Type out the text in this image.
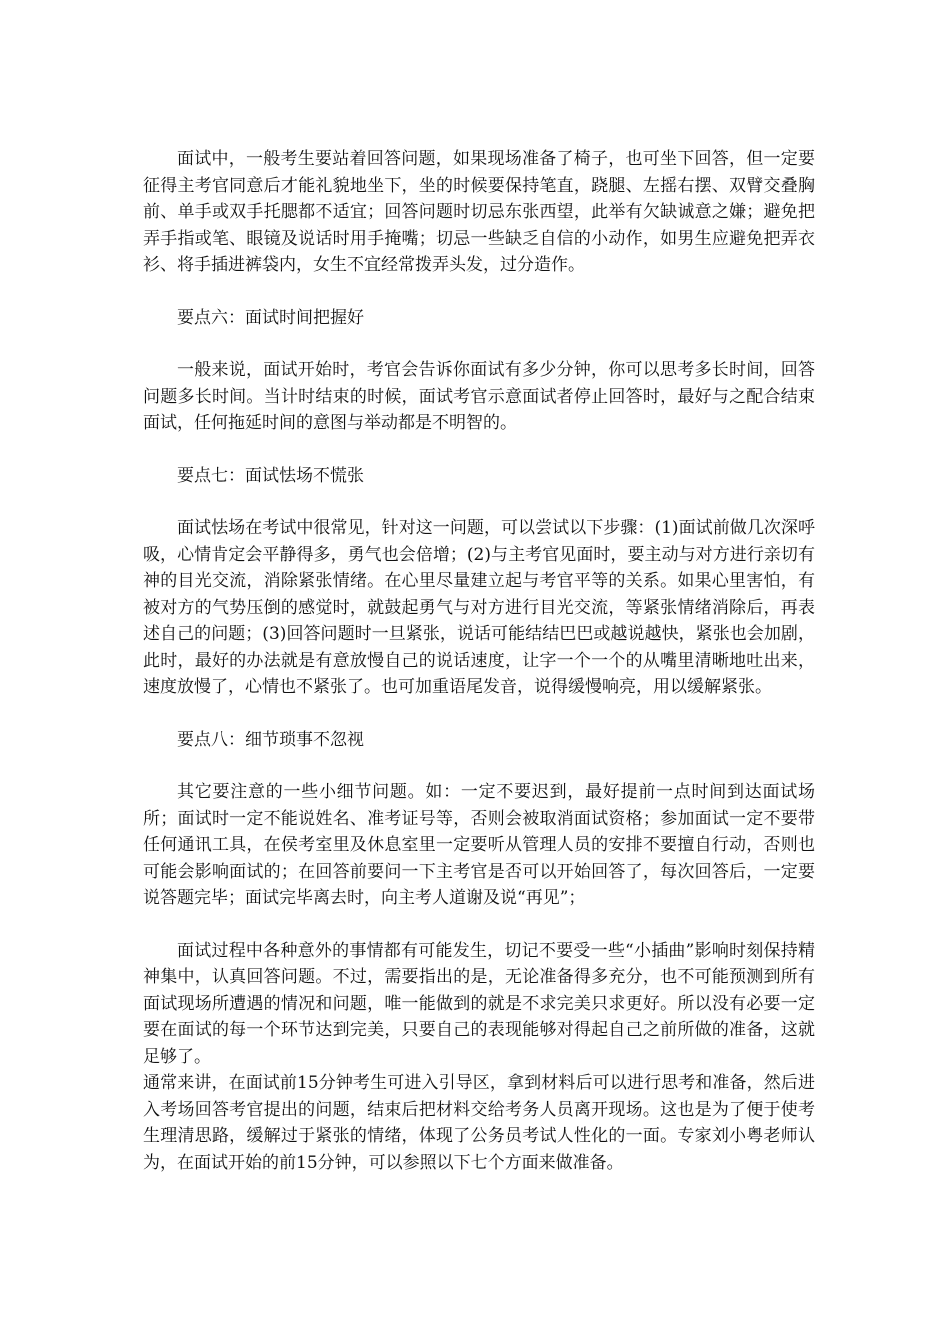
面试中，一般考生要站着回答问题，如果现场准备了椅子，也可坐下回答，但一定要征得主考官同意后才能礼貌地坐下，坐的时候要保持笔直，跷腿、左摇右摆、双臂交叠胸前、单手或双手托腮都不适宜；回答问题时切忌东张西望，此举有欠缺诚意之嫌；避免把弄手指或笔、眼镜及说话时用手掩嘴；切忌一些缺乏自信的小动作，如男生应避免把弄衣衫、将手插进裤袋内，女生不宜经常拨弄头发，过分造作。

要点六：面试时间把握好

一般来说，面试开始时，考官会告诉你面试有多少分钟，你可以思考多长时间，回答问题多长时间。当计时结束的时候，面试考官示意面试者停止回答时，最好与之配合结束面试，任何拖延时间的意图与举动都是不明智的。

要点七：面试怯场不慌张

面试怯场在考试中很常见，针对这一问题，可以尝试以下步骤：(1)面试前做几次深呼吸，心情肯定会平静得多，勇气也会倍增；(2)与主考官见面时，要主动与对方进行亲切有神的目光交流，消除紧张情绪。在心里尽量建立起与考官平等的关系。如果心里害怕，有被对方的气势压倒的感觉时，就鼓起勇气与对方进行目光交流，等紧张情绪消除后，再表述自己的问题；(3)回答问题时一旦紧张，说话可能结结巴巴或越说越快，紧张也会加剧，此时，最好的办法就是有意放慢自己的说话速度，让字一个一个的从嘴里清晰地吐出来，速度放慢了，心情也不紧张了。也可加重语尾发音，说得缓慢响亮，用以缓解紧张。

要点八：细节琐事不忽视

其它要注意的一些小细节问题。如：一定不要迟到，最好提前一点时间到达面试场所；面试时一定不能说姓名、准考证号等，否则会被取消面试资格；参加面试一定不要带任何通讯工具，在侯考室里及休息室里一定要听从管理人员的安排不要擅自行动，否则也可能会影响面试的；在回答前要问一下主考官是否可以开始回答了，每次回答后，一定要说答题完毕；面试完毕离去时，向主考人道谢及说“再见”；

面试过程中各种意外的事情都有可能发生，切记不要受一些“小插曲”影响时刻保持精神集中，认真回答问题。不过，需要指出的是，无论准备得多充分，也不可能预测到所有面试现场所遭遇的情况和问题，唯一能做到的就是不求完美只求更好。所以没有必要一定要在面试的每一个环节达到完美，只要自己的表现能够对得起自己之前所做的准备，这就足够了。

通常来讲，在面试前15分钟考生可进入引导区，拿到材料后可以进行思考和准备，然后进入考场回答考官提出的问题，结束后把材料交给考务人员离开现场。这也是为了便于使考生理清思路，缓解过于紧张的情绪，体现了公务员考试人性化的一面。专家刘小粤老师认为，在面试开始的前15分钟，可以参照以下七个方面来做准备。
